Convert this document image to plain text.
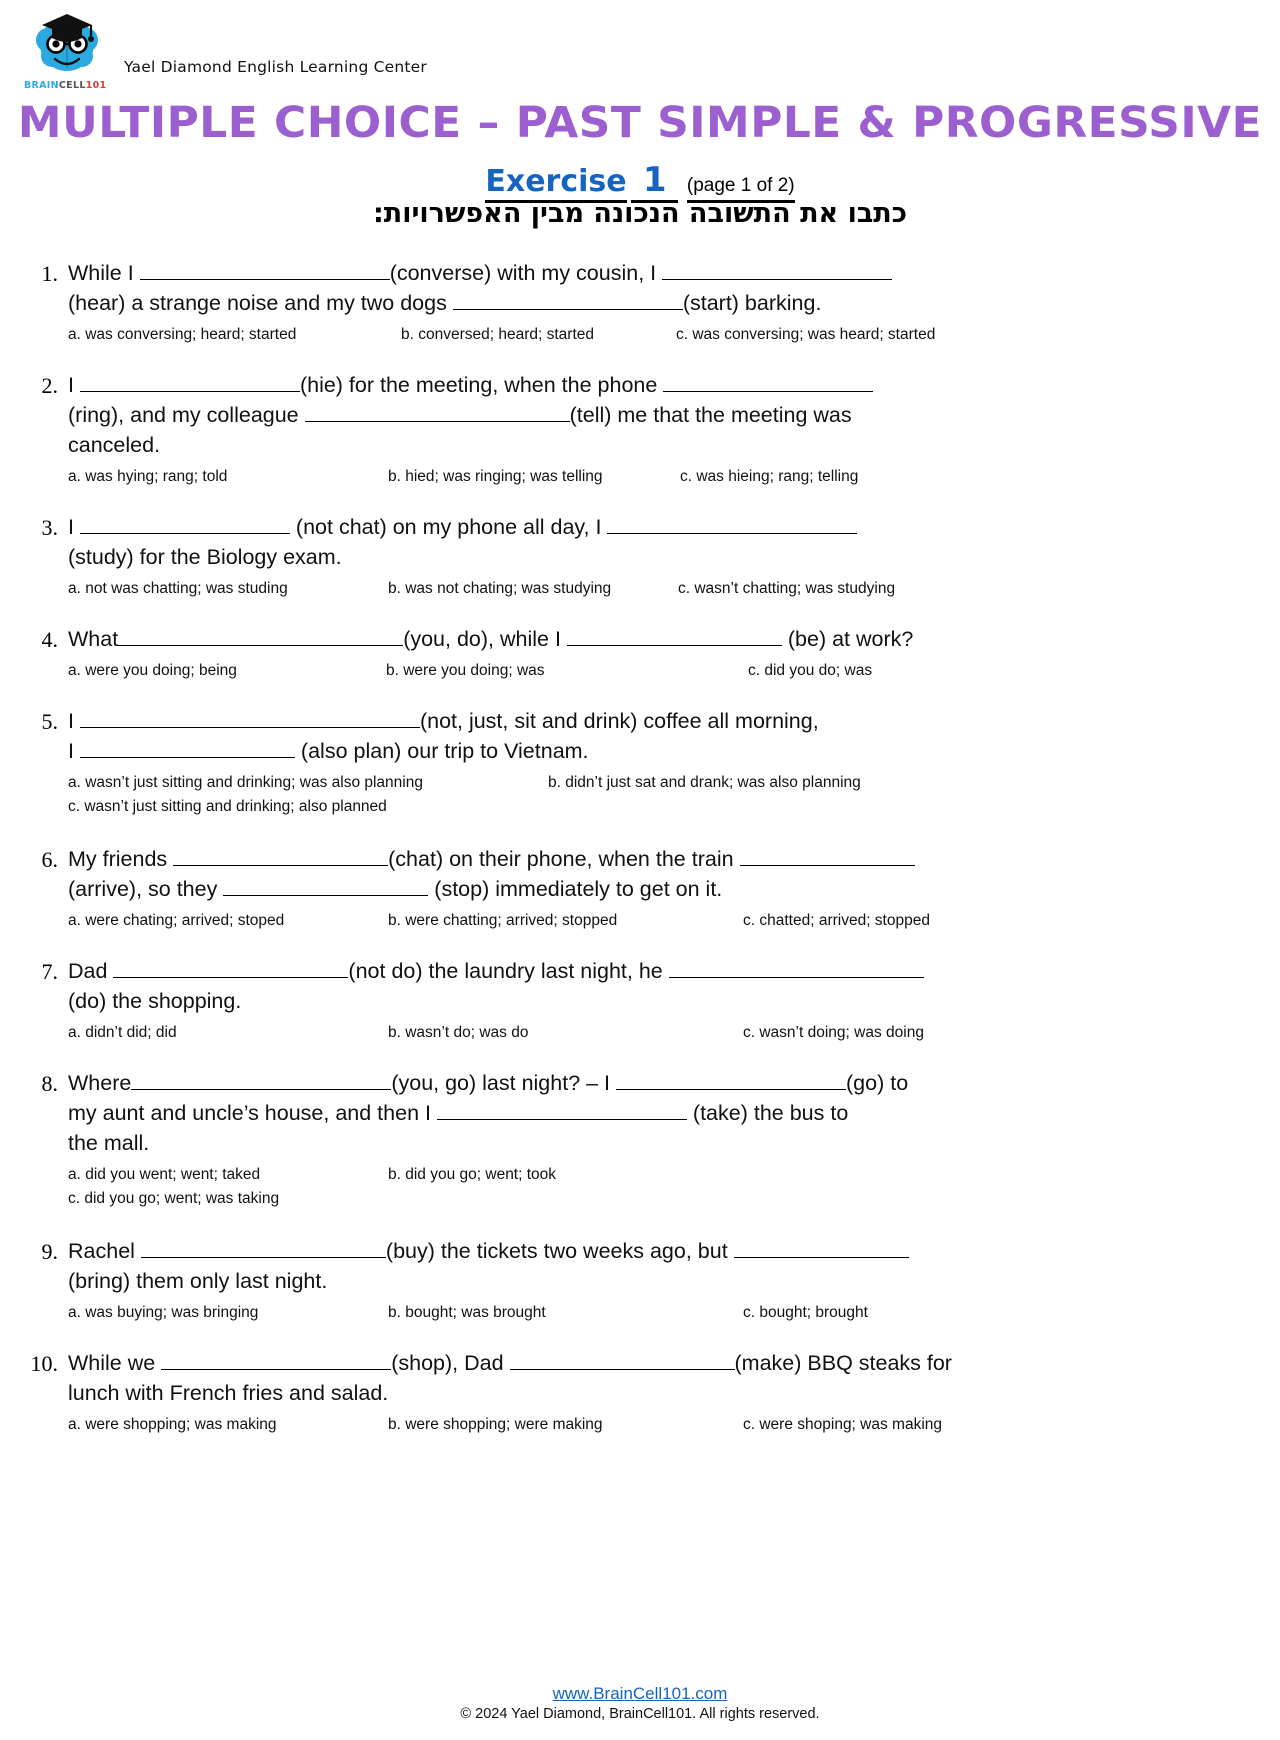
BRAINCELL101
Yael Diamond English Learning Center
MULTIPLE CHOICE – PAST SIMPLE & PROGRESSIVE
Exercise  1  (page 1 of 2)
כתבו את התשובה הנכונה מבין האפשרויות:
1. While I	(converse) with my cousin, I
(hear) a strange noise and my two dogs	(start) barking.
a. was conversing; heard; started	b. conversed; heard; started	c. was conversing; was heard; started
2. I	(hie) for the meeting, when the phone
(ring), and my colleague	(tell) me that the meeting was
canceled.
a. was hying; rang; told	b. hied; was ringing; was telling	c. was hieing; rang; telling
3. I	(not chat) on my phone all day, I
(study) for the Biology exam.
a. not was chatting; was studing	b. was not chating; was studying	c. wasn’t chatting; was studying
4. What	(you, do), while I	(be) at work?
a. were you doing; being	b. were you doing; was	c. did you do; was
5. I	(not, just, sit and drink) coffee all morning,
I	(also plan) our trip to Vietnam.
a. wasn’t just sitting and drinking; was also planning	b. didn’t just sat and drank; was also planning
c. wasn’t just sitting and drinking; also planned
6. My friends	(chat) on their phone, when the train
(arrive), so they	(stop) immediately to get on it.
a. were chating; arrived; stoped	b. were chatting; arrived; stopped	c. chatted; arrived; stopped
7. Dad	(not do) the laundry last night, he
(do) the shopping.
a. didn’t did; did	b. wasn’t do; was do	c. wasn’t doing; was doing
8. Where	(you, go) last night? – I	(go) to
my aunt and uncle’s house, and then I	(take) the bus to
the mall.
a. did you went; went; taked	b. did you go; went; took
c. did you go; went; was taking
9. Rachel	(buy) the tickets two weeks ago, but
(bring) them only last night.
a. was buying; was bringing	b. bought; was brought	c. bought; brought
10. While we	(shop), Dad	(make) BBQ steaks for
lunch with French fries and salad.
a. were shopping; was making	b. were shopping; were making	c. were shoping; was making
www.BrainCell101.com
© 2024 Yael Diamond, BrainCell101. All rights reserved.
